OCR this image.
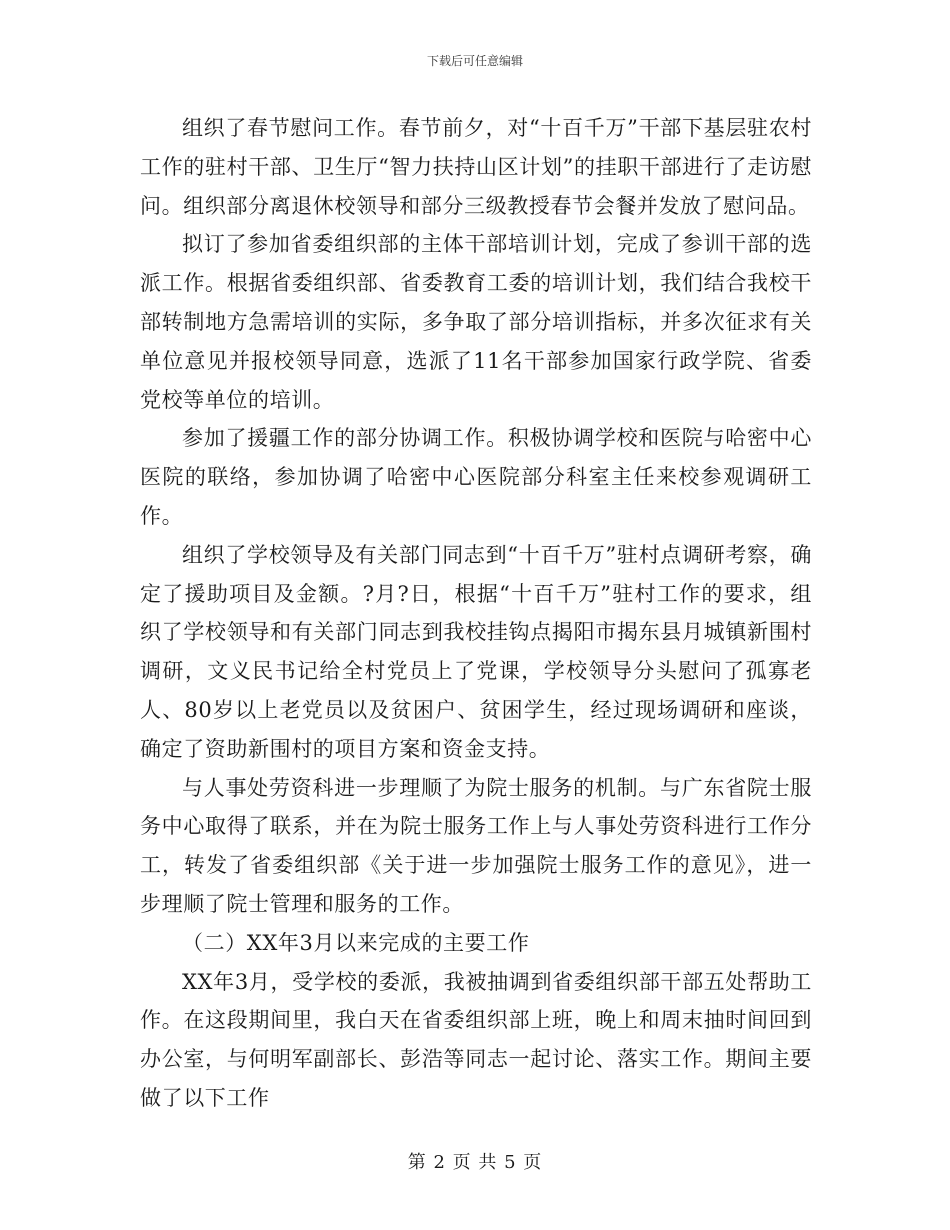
下载后可任意编辑

组织了春节慰问工作。春节前夕，对“十百千万”干部下基层驻农村工作的驻村干部、卫生厅“智力扶持山区计划”的挂职干部进行了走访慰问。组织部分离退休校领导和部分三级教授春节会餐并发放了慰问品。

拟订了参加省委组织部的主体干部培训计划，完成了参训干部的选派工作。根据省委组织部、省委教育工委的培训计划，我们结合我校干部转制地方急需培训的实际，多争取了部分培训指标，并多次征求有关单位意见并报校领导同意，选派了11名干部参加国家行政学院、省委党校等单位的培训。

参加了援疆工作的部分协调工作。积极协调学校和医院与哈密中心医院的联络，参加协调了哈密中心医院部分科室主任来校参观调研工作。

组织了学校领导及有关部门同志到“十百千万”驻村点调研考察，确定了援助项目及金额。?月?日，根据“十百千万”驻村工作的要求，组织了学校领导和有关部门同志到我校挂钩点揭阳市揭东县月城镇新围村调研，文义民书记给全村党员上了党课，学校领导分头慰问了孤寡老人、80岁以上老党员以及贫困户、贫困学生，经过现场调研和座谈，确定了资助新围村的项目方案和资金支持。

与人事处劳资科进一步理顺了为院士服务的机制。与广东省院士服务中心取得了联系，并在为院士服务工作上与人事处劳资科进行工作分工，转发了省委组织部《关于进一步加强院士服务工作的意见》，进一步理顺了院士管理和服务的工作。

（二）XX年3月以来完成的主要工作

XX年3月，受学校的委派，我被抽调到省委组织部干部五处帮助工作。在这段期间里，我白天在省委组织部上班，晚上和周末抽时间回到办公室，与何明军副部长、彭浩等同志一起讨论、落实工作。期间主要做了以下工作

第 2 页 共 5 页
